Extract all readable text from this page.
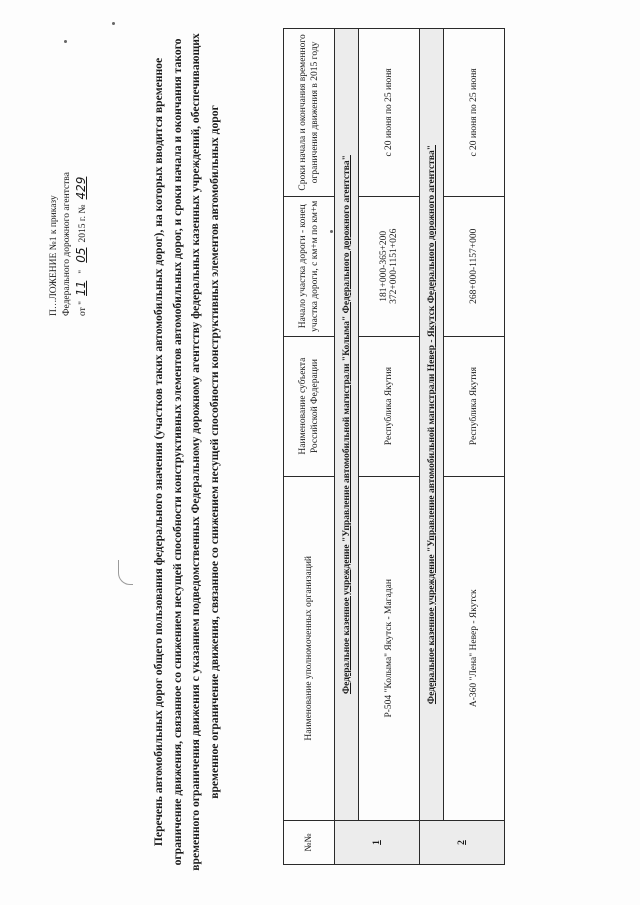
П…ЛОЖЕНИЕ №1 к приказу Федерального дорожного агентства от "11"052015 г. №429	Перечень автомобильных дорог общего пользования федерального значения (участков таких автомобильных дорог), на которых вводится временное ограничение движения, связанное со снижением несущей способности конструктивных элементов автомобильных дорог, и сроки начала и окончания такого временного ограничения движения с указанием подведомственных Федеральному дорожному агентству федеральных казенных учреждений, обеспечивающих временное ограничение движения, связанное со снижением несущей способности конструктивных элементов автомобильных дорог
№№	Наименование уполномоченных организаций	Наименование субъекта Российской Федерации	Начало участка дороги - конец участка дороги, с км+м по км+м	Сроки начала и окончания временного ограничения движения в 2015 году
1	Федеральное казенное учреждение "Управление автомобильной магистрали "Колыма" Федерального дорожного агентства"			
	Р-504 "Колыма" Якутск - Магадан	Республика Якутия	181+000-365+200 372+000-1151+026	с 20 июня по 25 июня
2	Федеральное казенное учреждение "Управление автомобильной магистрали Невер - Якутск Федерального дорожного агентства"			
	А-360 "Лена" Невер - Якутск	Республика Якутия	268+000-1157+000	с 20 июня по 25 июня
